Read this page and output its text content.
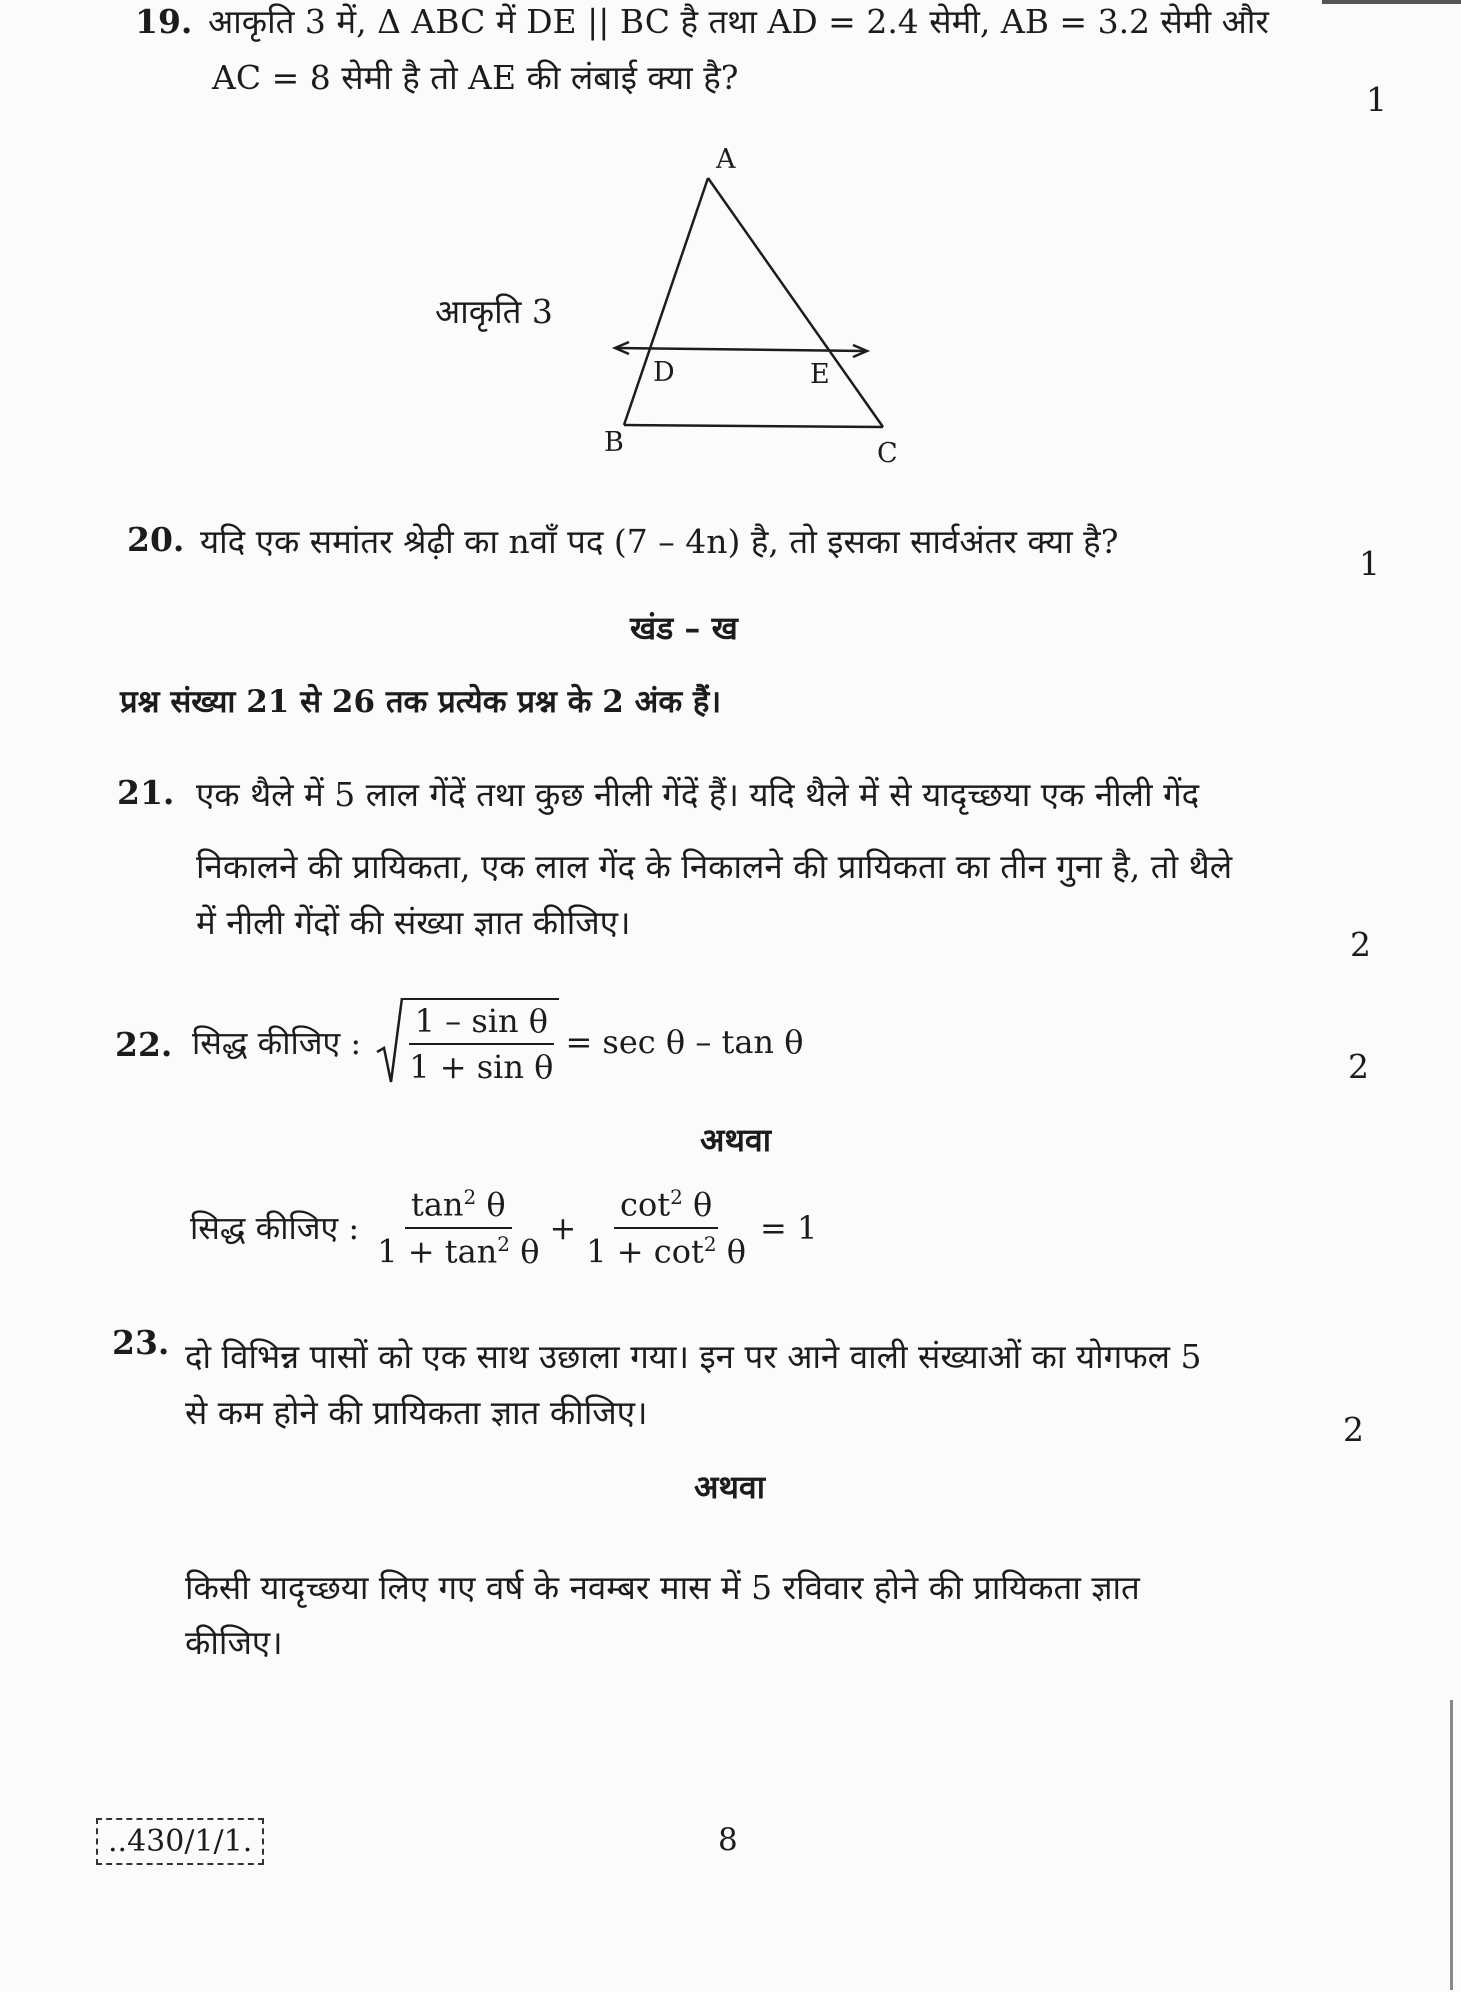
19. आकृति 3 में, Δ ABC में DE || BC है तथा AD = 2.4 सेमी, AB = 3.2 सेमी और
AC = 8 सेमी है तो AE की लंबाई क्या है?
1
आकृति 3
A
D	E
B	C
20. यदि एक समांतर श्रेढ़ी का nवाँ पद (7 – 4n) है, तो इसका सार्वअंतर क्या है?
1
खंड – ख
प्रश्न संख्या 21 से 26 तक प्रत्येक प्रश्न के 2 अंक हैं।
21. एक थैले में 5 लाल गेंदें तथा कुछ नीली गेंदें हैं। यदि थैले में से यादृच्छया एक नीली गेंद
निकालने की प्रायिकता, एक लाल गेंद के निकालने की प्रायिकता का तीन गुना है, तो थैले
में नीली गेंदों की संख्या ज्ञात कीजिए।
2
22. सिद्ध कीजिए : $\frac{\text{1 – sin θ}}{\text{1 + sin θ}} = \sec \theta - \tan \theta$
2
अथवा
सिद्ध कीजिए : $\frac{\tan^2 \theta}{1 + \tan^2 \theta} + \frac{\cot^2 \theta}{1 + \cot^2 \theta} = 1$
23. दो विभिन्न पासों को एक साथ उछाला गया। इन पर आने वाली संख्याओं का योगफल 5
से कम होने की प्रायिकता ज्ञात कीजिए।	2
अथवा
किसी यादृच्छया लिए गए वर्ष के नवम्बर मास में 5 रविवार होने की प्रायिकता ज्ञात
कीजिए।
..430/1/1.	8
